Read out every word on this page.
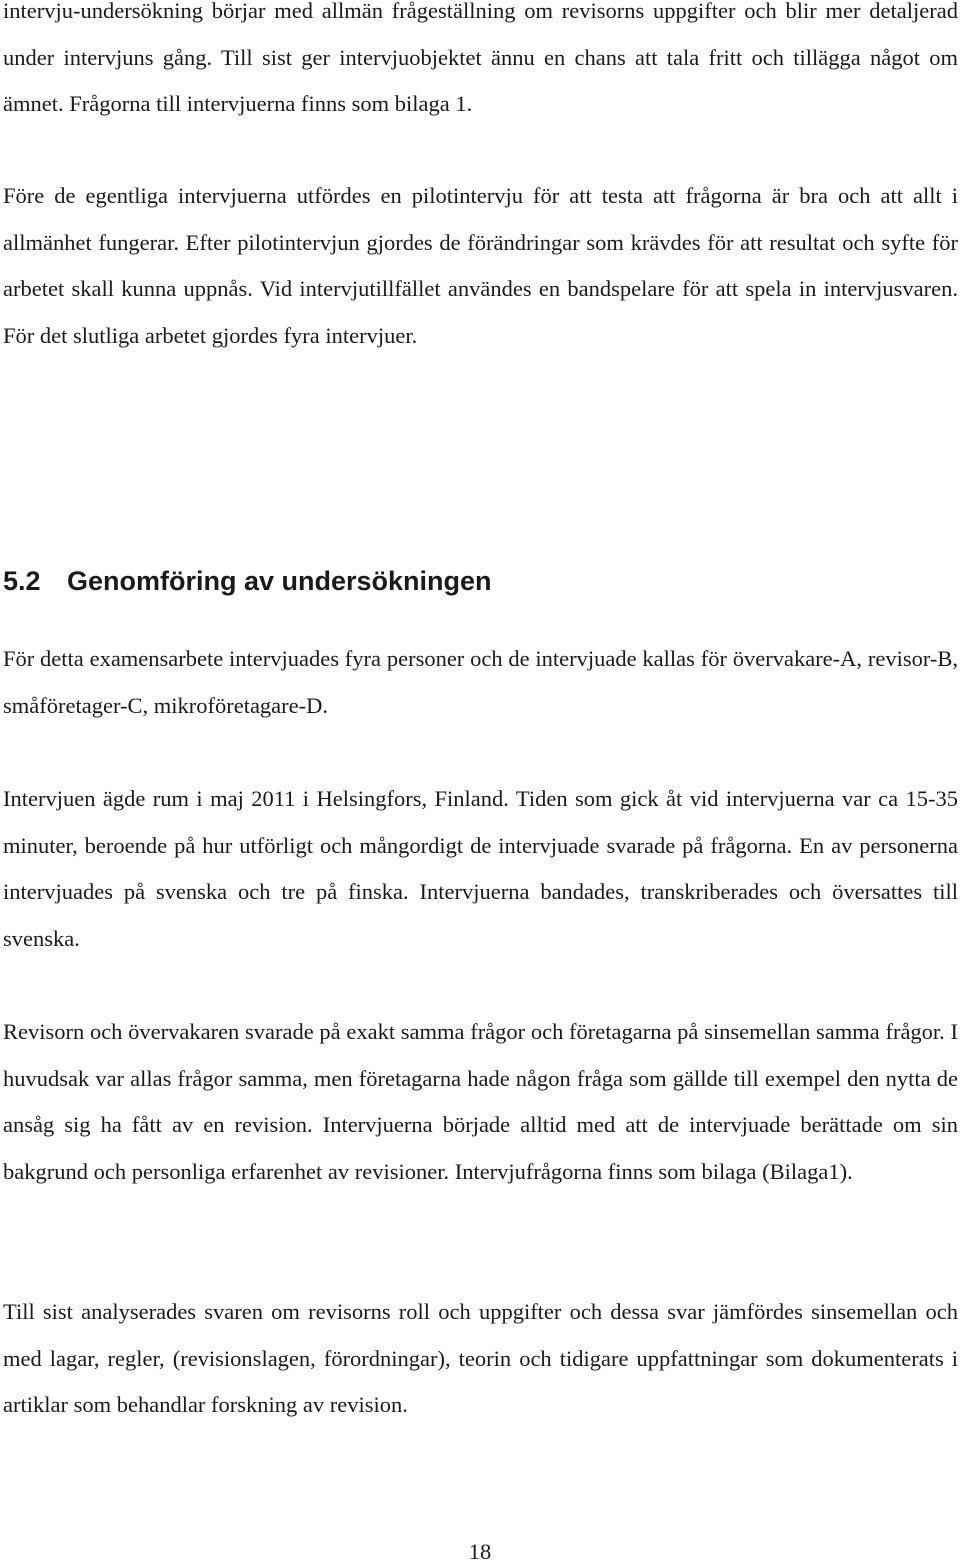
intervju-undersökning börjar med allmän frågeställning om revisorns uppgifter och blir mer detaljerad under intervjuns gång. Till sist ger intervjuobjektet ännu en chans att tala fritt och tillägga något om ämnet. Frågorna till intervjuerna finns som bilaga 1.

Före de egentliga intervjuerna utfördes en pilotintervju för att testa att frågorna är bra och att allt i allmänhet fungerar. Efter pilotintervjun gjordes de förändringar som krävdes för att resultat och syfte för arbetet skall kunna uppnås. Vid intervjutillfället användes en bandspelare för att spela in intervjusvaren. För det slutliga arbetet gjordes fyra intervjuer.

5.2 Genomföring av undersökningen

För detta examensarbete intervjuades fyra personer och de intervjuade kallas för övervakare-A, revisor-B, småföretager-C, mikroföretagare-D.

Intervjuen ägde rum i maj 2011 i Helsingfors, Finland. Tiden som gick åt vid intervjuerna var ca 15-35 minuter, beroende på hur utförligt och mångordigt de intervjuade svarade på frågorna. En av personerna intervjuades på svenska och tre på finska. Intervjuerna bandades, transkriberades och översattes till svenska.

Revisorn och övervakaren svarade på exakt samma frågor och företagarna på sinsemellan samma frågor. I huvudsak var allas frågor samma, men företagarna hade någon fråga som gällde till exempel den nytta de ansåg sig ha fått av en revision. Intervjuerna började alltid med att de intervjuade berättade om sin bakgrund och personliga erfarenhet av revisioner. Intervjufrågorna finns som bilaga (Bilaga1).

Till sist analyserades svaren om revisorns roll och uppgifter och dessa svar jämfördes sinsemellan och med lagar, regler, (revisionslagen, förordningar), teorin och tidigare uppfattningar som dokumenterats i artiklar som behandlar forskning av revision.

18
